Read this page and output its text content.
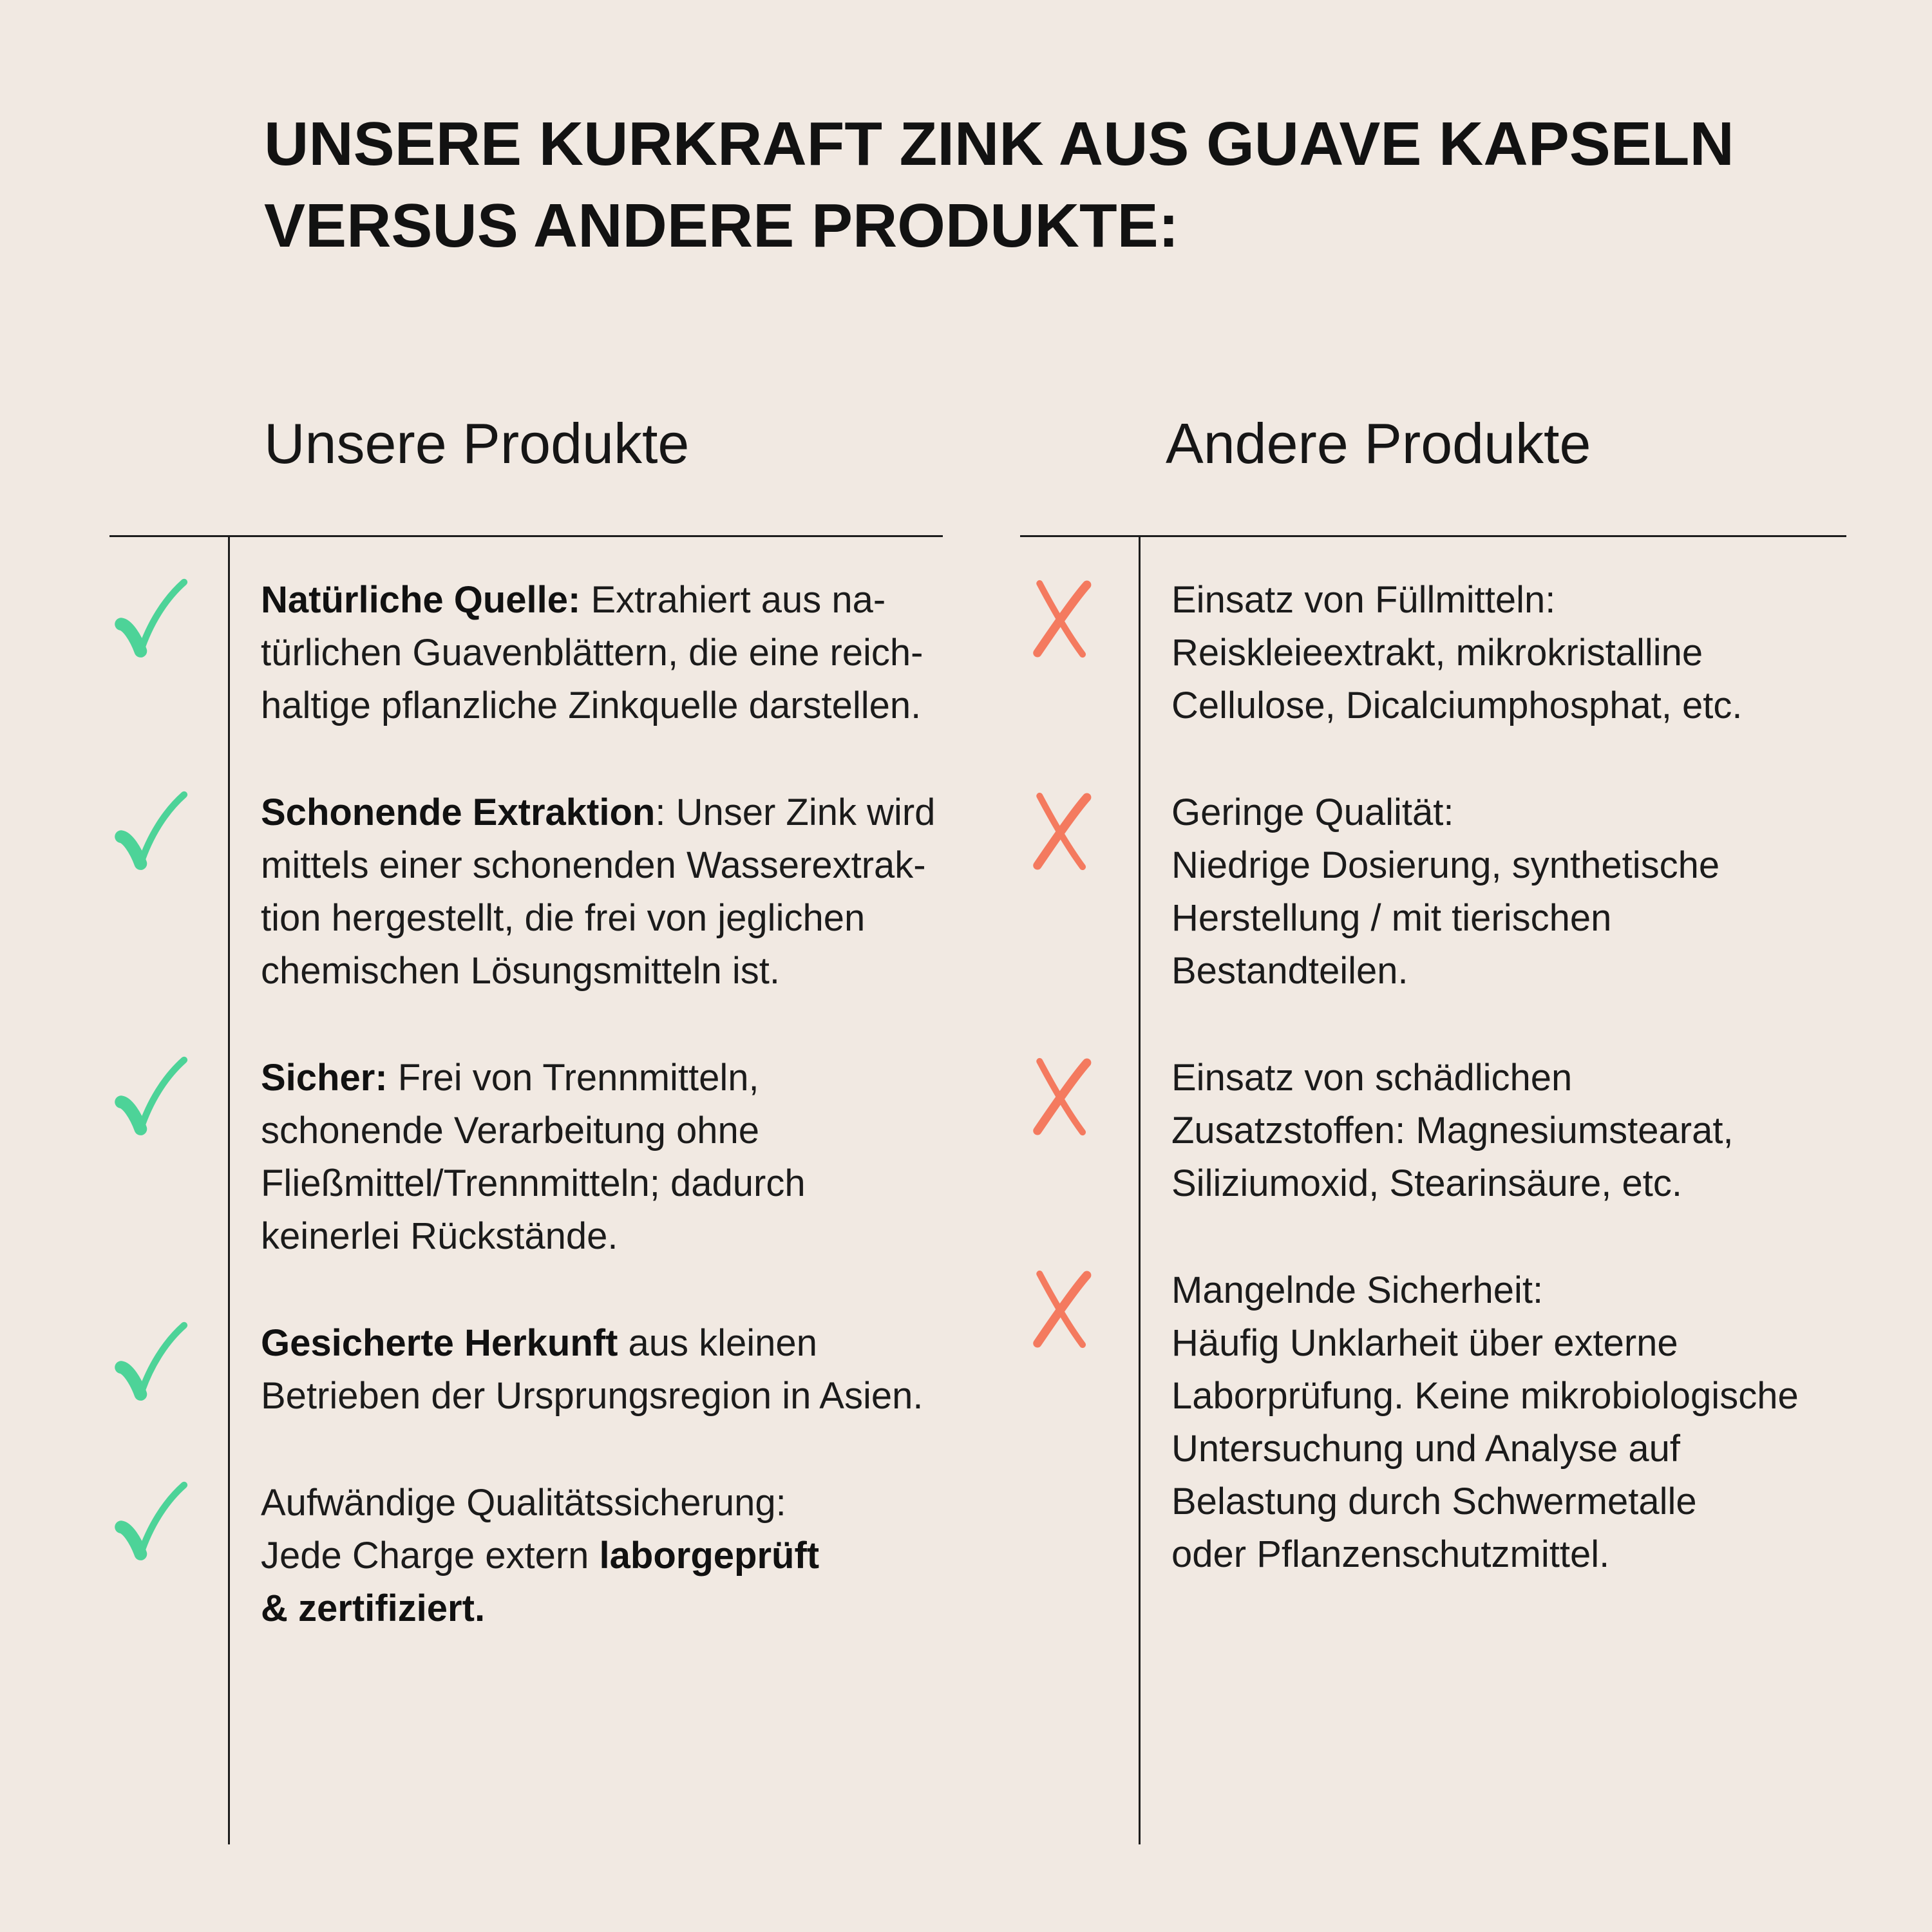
UNSERE KURKRAFT ZINK AUS GUAVE KAPSELN
VERSUS ANDERE PRODUKTE:
Unsere Produkte
Natürliche Quelle: Extrahiert aus na-
türlichen Guavenblättern, die eine reich-
haltige pflanzliche Zinkquelle darstellen.
Schonende Extraktion: Unser Zink wird
mittels einer schonenden Wasserextrak-
tion hergestellt, die frei von jeglichen
chemischen Lösungsmitteln ist.
Sicher: Frei von Trennmitteln,
schonende Verarbeitung ohne
Fließmittel/Trennmitteln; dadurch
keinerlei Rückstände.
Gesicherte Herkunft aus kleinen
Betrieben der Ursprungsregion in Asien.
Aufwändige Qualitätssicherung:
Jede Charge extern laborgeprüft
& zertifiziert.
Andere Produkte
Einsatz von Füllmitteln:
Reiskleieextrakt, mikrokristalline
Cellulose, Dicalciumphosphat, etc.
Geringe Qualität:
Niedrige Dosierung, synthetische
Herstellung / mit tierischen
Bestandteilen.
Einsatz von schädlichen
Zusatzstoffen: Magnesiumstearat,
Siliziumoxid, Stearinsäure, etc.
Mangelnde Sicherheit:
Häufig Unklarheit über externe
Laborprüfung. Keine mikrobiologische
Untersuchung und Analyse auf
Belastung durch Schwermetalle
oder Pflanzenschutzmittel.
